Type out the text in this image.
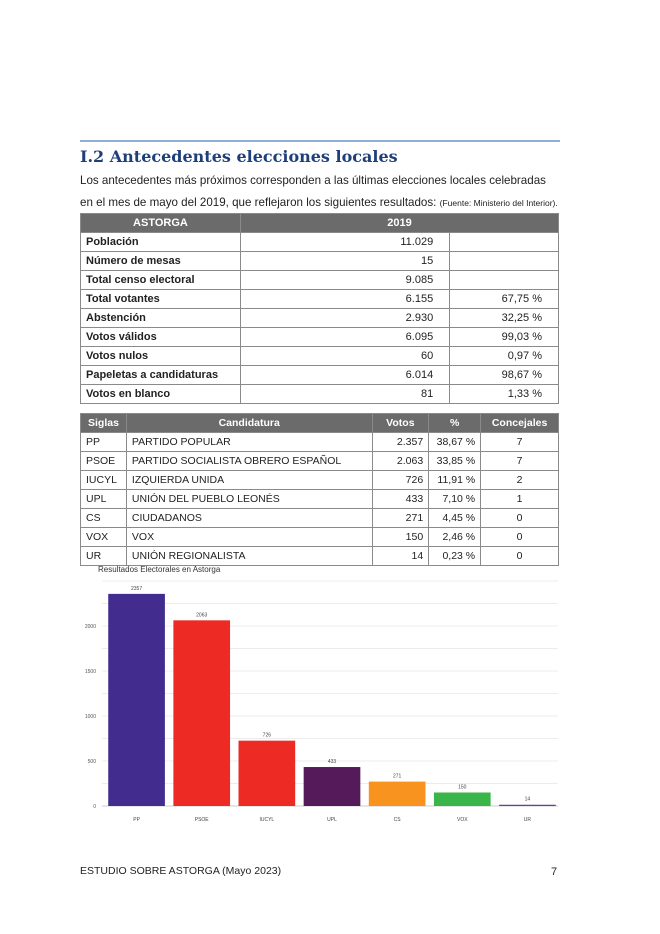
I.2 Antecedentes elecciones locales
Los antecedentes más próximos corresponden a las últimas elecciones locales celebradas en el mes de mayo del 2019, que reflejaron los siguientes resultados: (Fuente: Ministerio del Interior).
ASTORGA	2019	
Población	11.029	
Número de mesas	15	
Total censo electoral	9.085	
Total votantes	6.155	67,75 %
Abstención	2.930	32,25 %
Votos válidos	6.095	99,03 %
Votos nulos	60	0,97 %
Papeletas a candidaturas	6.014	98,67 %
Votos en blanco	81	1,33 %
Siglas	Candidatura	Votos	%	Concejales
PP	PARTIDO POPULAR	2.357	38,67 %	7
PSOE	PARTIDO SOCIALISTA OBRERO ESPAÑOL	2.063	33,85 %	7
IUCYL	IZQUIERDA UNIDA	726	11,91 %	2
UPL	UNIÓN DEL PUEBLO LEONÉS	433	7,10 %	1
CS	CIUDADANOS	271	4,45 %	0
VOX	VOX	150	2,46 %	0
UR	UNIÓN REGIONALISTA	14	0,23 %	0
Resultados Electorales en Astorga
0
500
1000
1500
2000
2357
PP
2063
PSOE
726
IUCYL
433
UPL
271
CS
150
VOX
14
UR
ESTUDIO SOBRE ASTORGA (Mayo 2023)	7
